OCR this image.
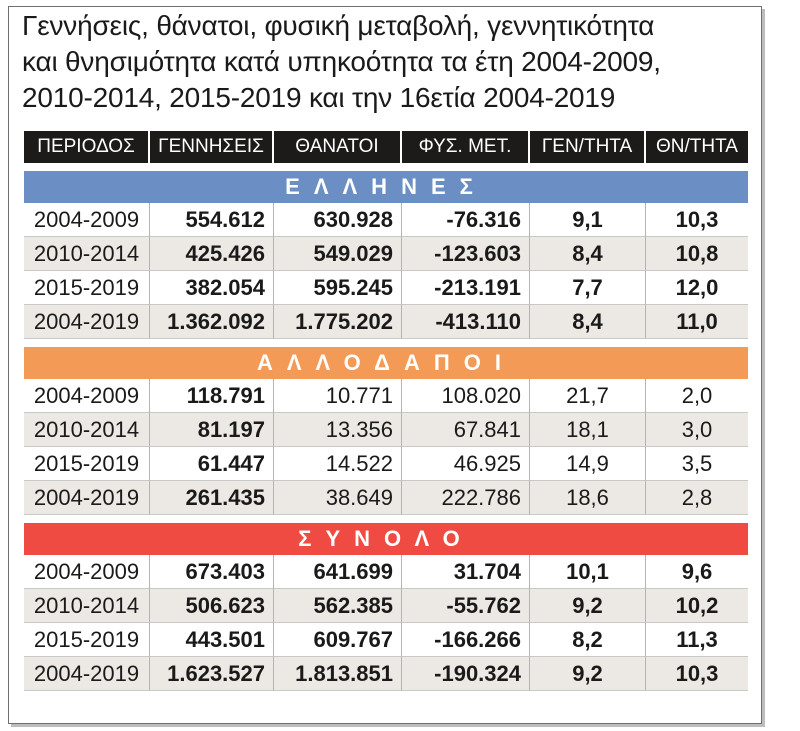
Γεννήσεις, θάνατοι, φυσική μεταβολή, γεννητικότητα
και θνησιμότητα κατά υπηκοότητα τα έτη 2004-2009,
2010-2014, 2015-2019 και την 16ετία 2004-2019
ΠΕΡΙΟΔΟΣ	ΓΕΝΝΗΣΕΙΣ	ΘΑΝΑΤΟΙ	ΦΥΣ. ΜΕΤ.	ΓΕΝ/ΤΗΤΑ	ΘΝ/ΤΗΤΑ

ΕΛΛΗΝΕΣ					
2004-2009	554.612	630.928	-76.316	9,1	10,3
2010-2014	425.426	549.029	-123.603	8,4	10,8
2015-2019	382.054	595.245	-213.191	7,7	12,0
2004-2019	1.362.092	1.775.202	-413.110	8,4	11,0

ΑΛΛΟΔΑΠΟΙ					
2004-2009	118.791	10.771	108.020	21,7	2,0
2010-2014	81.197	13.356	67.841	18,1	3,0
2015-2019	61.447	14.522	46.925	14,9	3,5
2004-2019	261.435	38.649	222.786	18,6	2,8

ΣΥΝΟΛΟ					
2004-2009	673.403	641.699	31.704	10,1	9,6
2010-2014	506.623	562.385	-55.762	9,2	10,2
2015-2019	443.501	609.767	-166.266	8,2	11,3
2004-2019	1.623.527	1.813.851	-190.324	9,2	10,3
